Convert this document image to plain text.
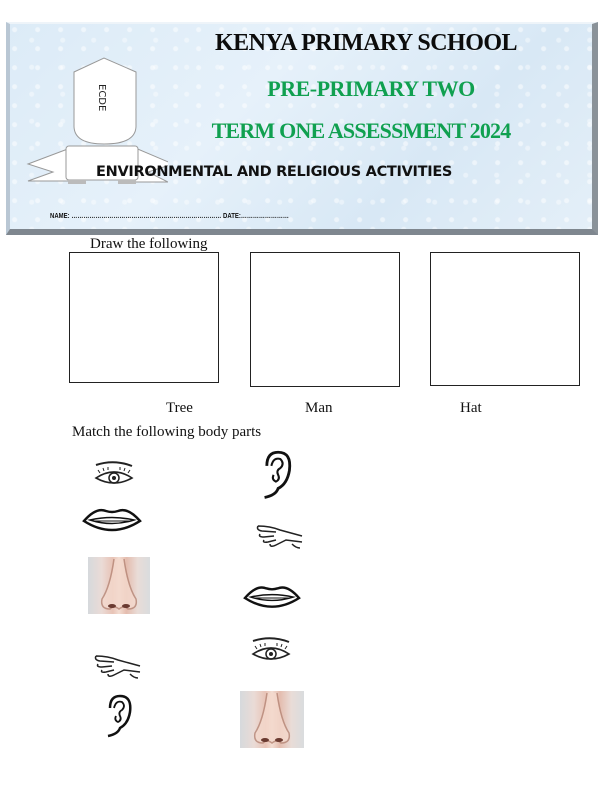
ECDE
KENYA PRIMARY SCHOOL
PRE-PRIMARY TWO
TERM ONE ASSESSMENT 2024
ENVIRONMENTAL AND RELIGIOUS ACTIVITIES
NAME: ………………………………………………………………… DATE:……………………
Draw the following
Tree	Man	Hat
Match the following body parts
